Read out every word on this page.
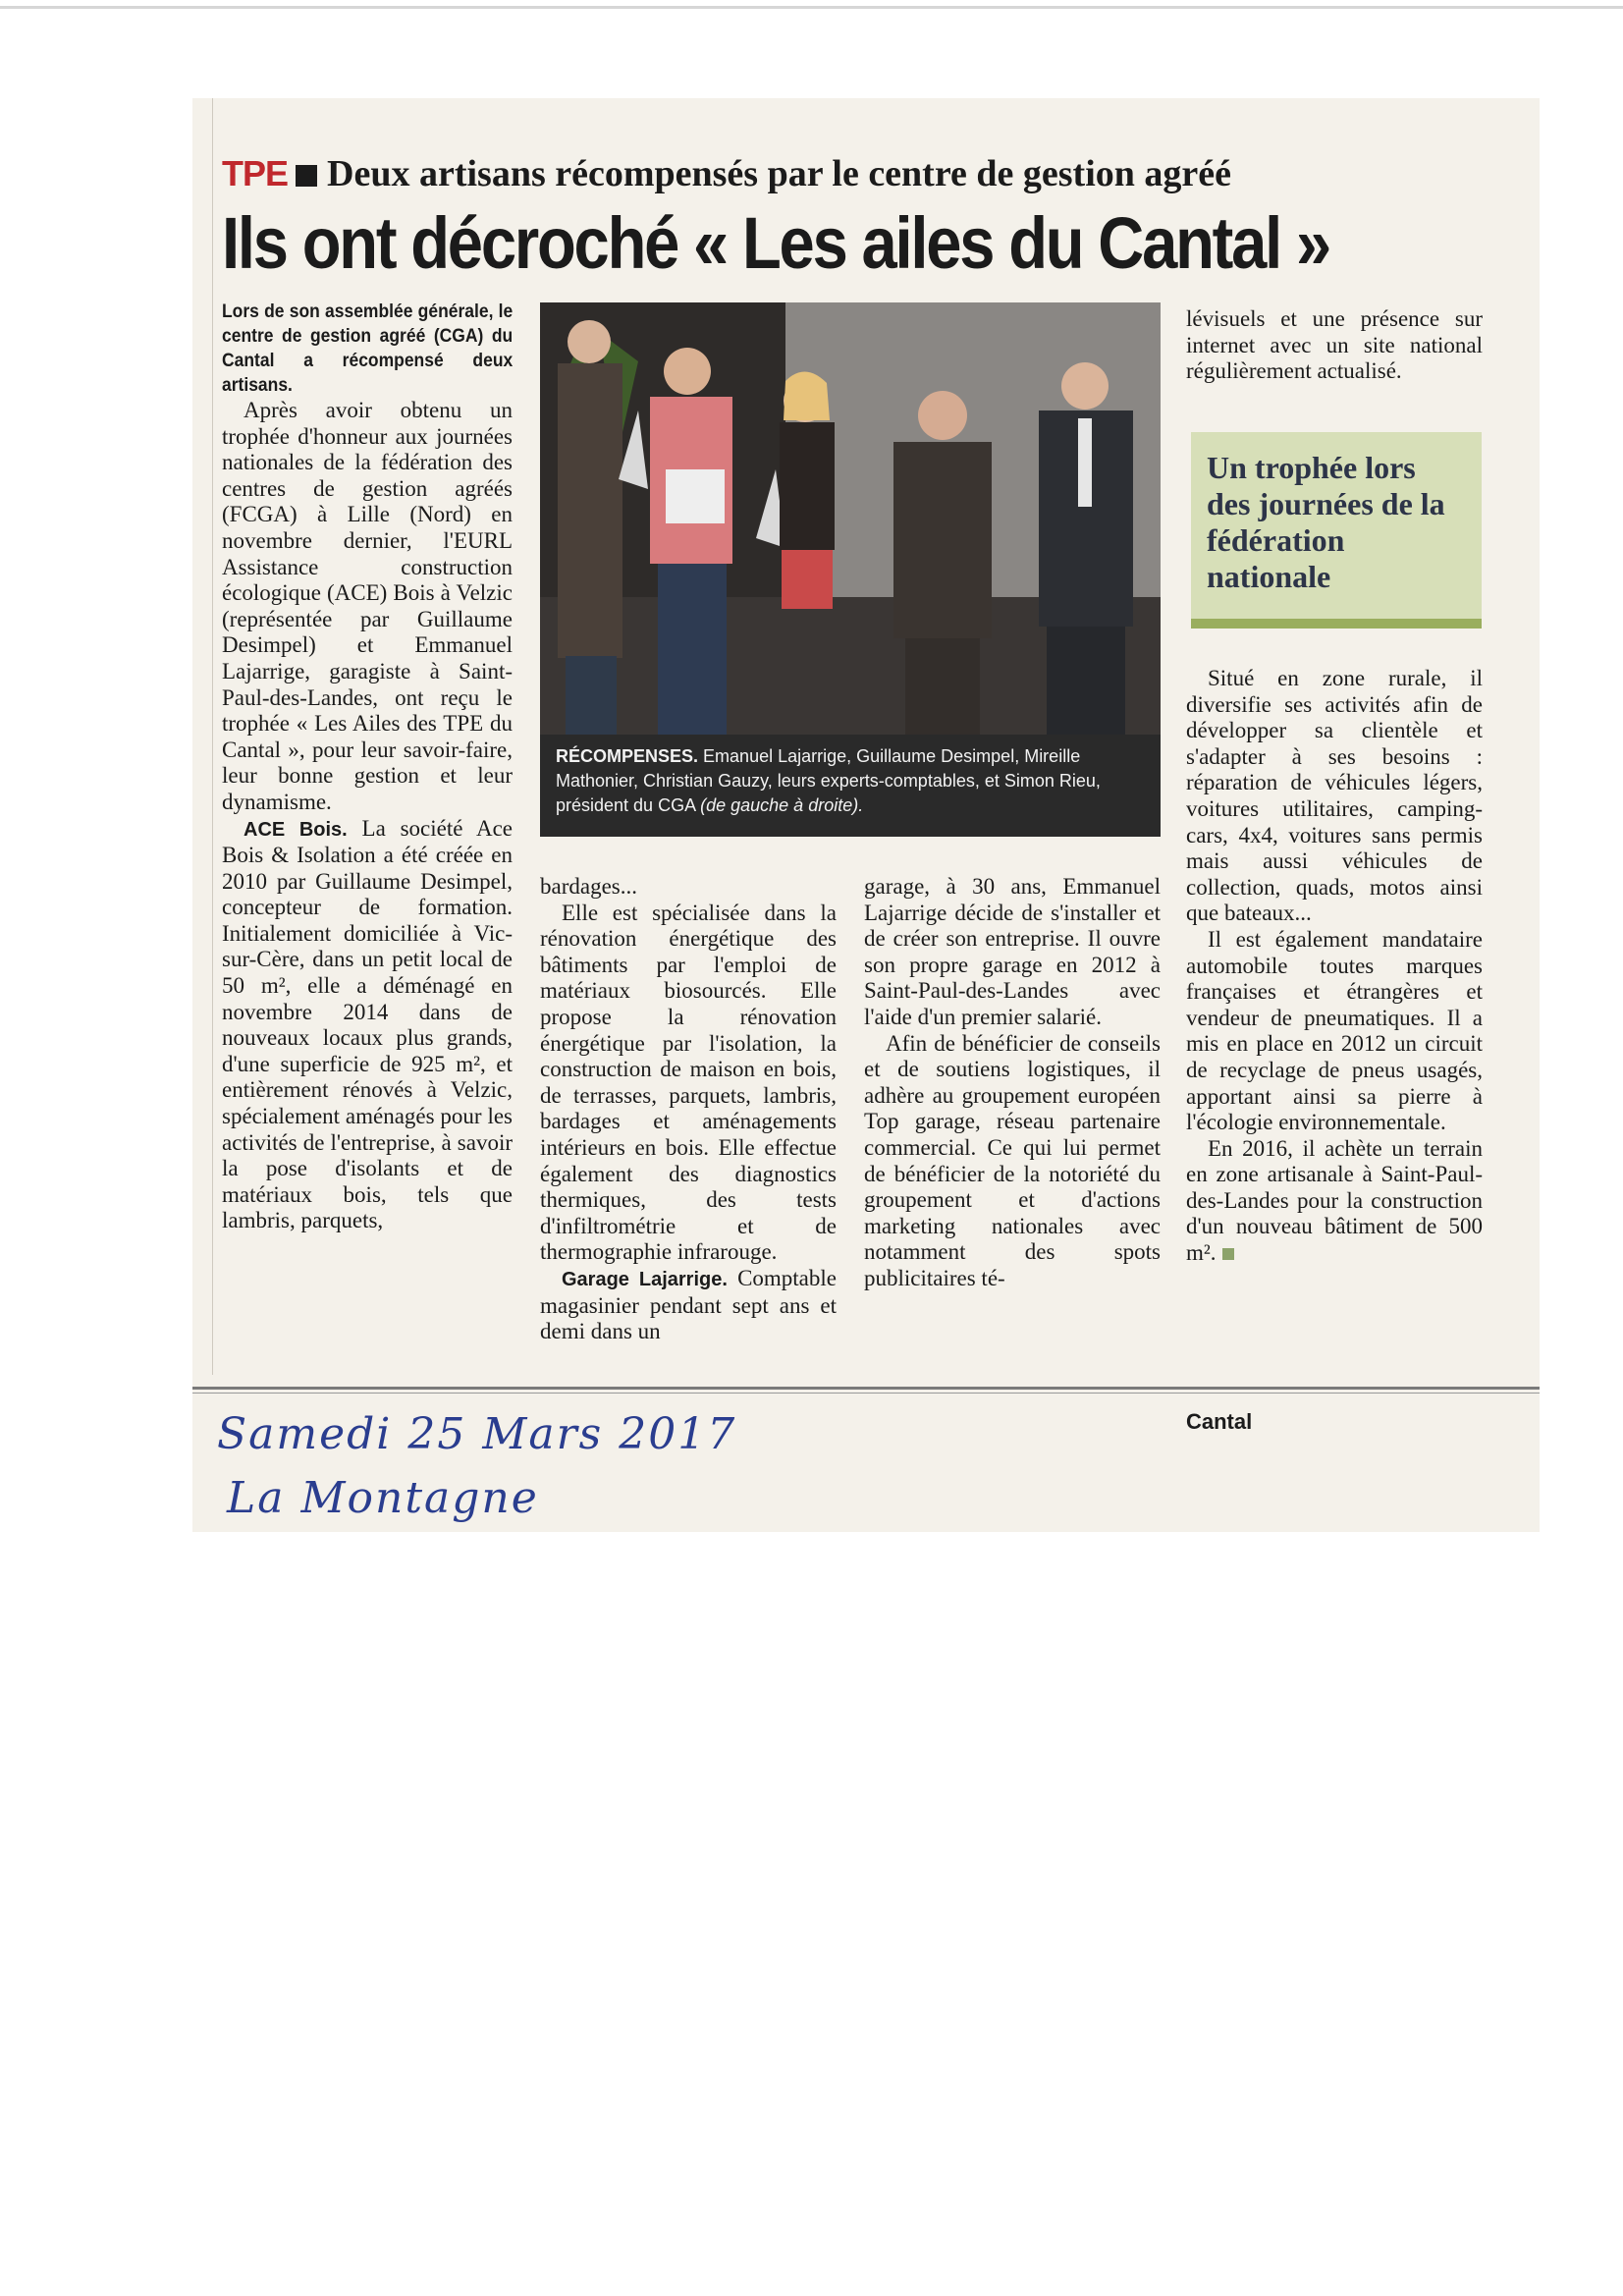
TPE Deux artisans récompensés par le centre de gestion agréé
Ils ont décroché « Les ailes du Cantal »

Lors de son assemblée générale, le centre de gestion agréé (CGA) du Cantal a récompensé deux artisans.

Après avoir obtenu un trophée d'honneur aux journées nationales de la fédération des centres de gestion agréés (FCGA) à Lille (Nord) en novembre dernier, l'EURL Assistance construction écologique (ACE) Bois à Velzic (représentée par Guillaume Desimpel) et Emmanuel Lajarrige, garagiste à Saint-Paul-des-Landes, ont reçu le trophée « Les Ailes des TPE du Cantal », pour leur savoir-faire, leur bonne gestion et leur dynamisme.

ACE Bois. La société Ace Bois & Isolation a été créée en 2010 par Guillaume Desimpel, concepteur de formation. Initialement domiciliée à Vic-sur-Cère, dans un petit local de 50 m², elle a déménagé en novembre 2014 dans de nouveaux locaux plus grands, d'une superficie de 925 m², et entièrement rénovés à Velzic, spécialement aménagés pour les activités de l'entreprise, à savoir la pose d'isolants et de matériaux bois, tels que lambris, parquets,

RÉCOMPENSES. Emanuel Lajarrige, Guillaume Desimpel, Mireille Mathonier, Christian Gauzy, leurs experts-comptables, et Simon Rieu, président du CGA (de gauche à droite).

bardages...

Elle est spécialisée dans la rénovation énergétique des bâtiments par l'emploi de matériaux biosourcés. Elle propose la rénovation énergétique par l'isolation, la construction de maison en bois, de terrasses, parquets, lambris, bardages et aménagements intérieurs en bois. Elle effectue également des diagnostics thermiques, des tests d'infiltrométrie et de thermographie infrarouge.

Garage Lajarrige. Comptable magasinier pendant sept ans et demi dans un

garage, à 30 ans, Emmanuel Lajarrige décide de s'installer et de créer son entreprise. Il ouvre son propre garage en 2012 à Saint-Paul-des-Landes avec l'aide d'un premier salarié.

Afin de bénéficier de conseils et de soutiens logistiques, il adhère au groupement européen Top garage, réseau partenaire commercial. Ce qui lui permet de bénéficier de la notoriété du groupement et d'actions marketing nationales avec notamment des spots publicitaires té-

lévisuels et une présence sur internet avec un site national régulièrement actualisé.

Un trophée lors des journées de la fédération nationale

Situé en zone rurale, il diversifie ses activités afin de développer sa clientèle et s'adapter à ses besoins : réparation de véhicules légers, voitures utilitaires, camping-cars, 4x4, voitures sans permis mais aussi véhicules de collection, quads, motos ainsi que bateaux...

Il est également mandataire automobile toutes marques françaises et étrangères et vendeur de pneumatiques. Il a mis en place en 2012 un circuit de recyclage de pneus usagés, apportant ainsi sa pierre à l'écologie environnementale.

En 2016, il achète un terrain en zone artisanale à Saint-Paul-des-Landes pour la construction d'un nouveau bâtiment de 500 m².

Cantal
Samedi 25 Mars 2017
La Montagne
